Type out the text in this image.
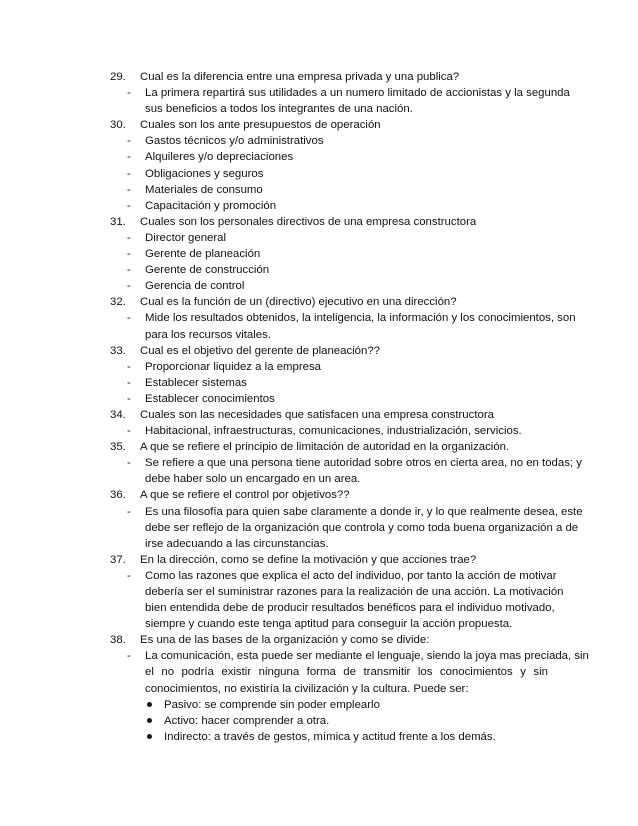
29. Cual es la diferencia entre una empresa privada y una publica?
- La primera repartirá sus utilidades a un numero limitado de accionistas y la segunda
sus beneficios a todos los integrantes de una nación.
30. Cuales son los ante presupuestos de operación
- Gastos técnicos y/o administrativos
- Alquileres y/o depreciaciones
- Obligaciones y seguros
- Materiales de consumo
- Capacitación y promoción
31. Cuales son los personales directivos de una empresa constructora
- Director general
- Gerente de planeación
- Gerente de construcción
- Gerencia de control
32. Cual es la función de un (directivo) ejecutivo en una dirección?
- Mide los resultados obtenidos, la inteligencia, la información y los conocimientos, son
para los recursos vitales.
33. Cual es el objetivo del gerente de planeación??
- Proporcionar liquidez a la empresa
- Establecer sistemas
- Establecer conocimientos
34. Cuales son las necesidades que satisfacen una empresa constructora
- Habitacional, infraestructuras, comunicaciones, industrialización, servicios.
35. A que se refiere el principio de limitación de autoridad en la organización.
- Se refiere a que una persona tiene autoridad sobre otros en cierta area, no en todas; y
debe haber solo un encargado en un area.
36. A que se refiere el control por objetivos??
- Es una filosofía para quien sabe claramente a donde ir, y lo que realmente desea, este
debe ser reflejo de la organización que controla y como toda buena organización a de
irse adecuando a las circunstancias.
37. En la dirección, como se define la motivación y que acciones trae?
- Como las razones que explica el acto del individuo, por tanto la acción de motivar
debería ser el suministrar razones para la realización de una acción. La motivación
bien entendida debe de producir resultados benéficos para el individuo motivado,
siempre y cuando este tenga aptitud para conseguir la acción propuesta.
38. Es una de las bases de la organización y como se divide:
- La comunicación, esta puede ser mediante el lenguaje, siendo la joya mas preciada, sin
el no podría existir ninguna forma de transmitir los conocimientos y sin
conocimientos, no existiría la civilización y la cultura. Puede ser:
Pasivo: se comprende sin poder emplearlo
Activo: hacer comprender a otra.
Indirecto: a través de gestos, mímica y actitud frente a los demás.
